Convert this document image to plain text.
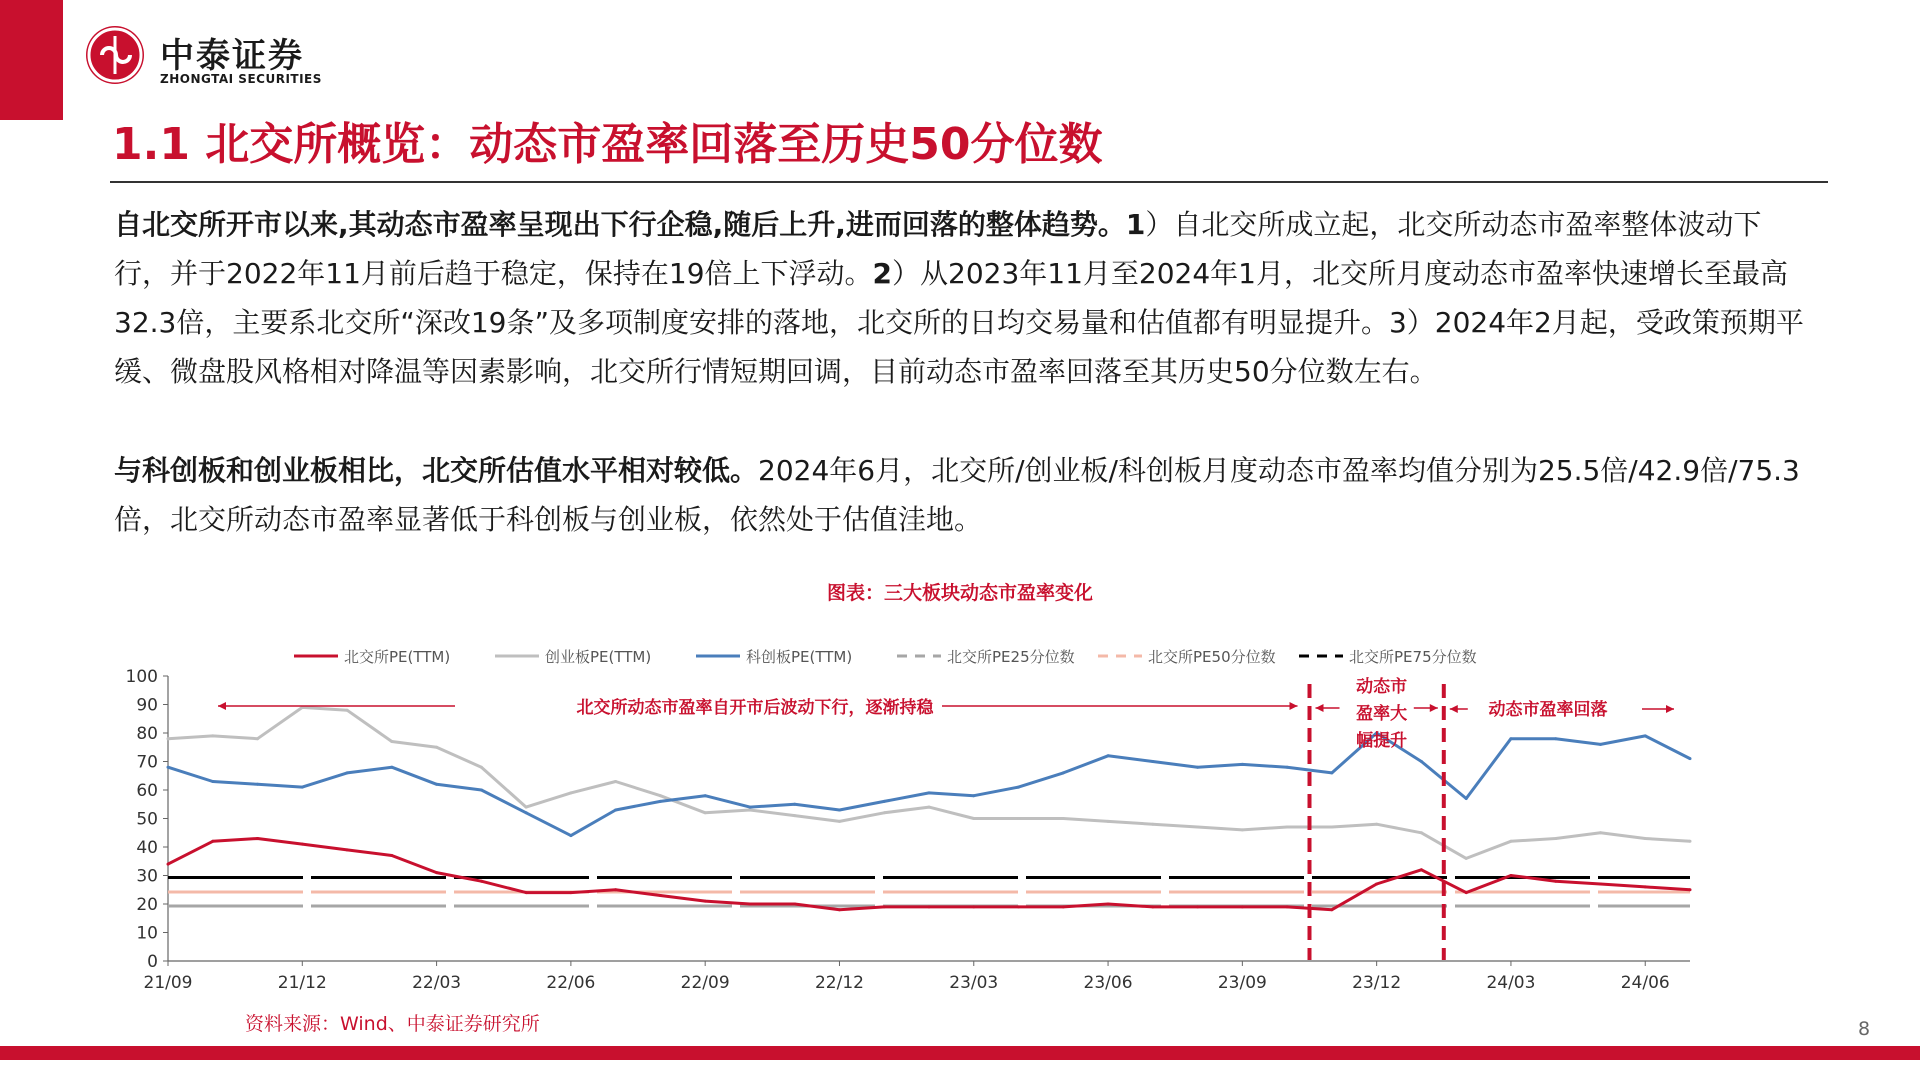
中泰证券
ZHONGTAI SECURITIES
1.1 北交所概览：动态市盈率回落至历史50分位数
自北交所开市以来,其动态市盈率呈现出下行企稳,随后上升,进而回落的整体趋势。1）自北交所成立起，北交所动态市盈率整体波动下行，并于2022年11月前后趋于稳定，保持在19倍上下浮动。2）从2023年11月至2024年1月，北交所月度动态市盈率快速增长至最高32.3倍，主要系北交所“深改19条”及多项制度安排的落地，北交所的日均交易量和估值都有明显提升。3）2024年2月起，受政策预期平缓、微盘股风格相对降温等因素影响，北交所行情短期回调，目前动态市盈率回落至其历史50分位数左右。
与科创板和创业板相比，北交所估值水平相对较低。2024年6月，北交所/创业板/科创板月度动态市盈率均值分别为25.5倍/42.9倍/75.3倍，北交所动态市盈率显著低于科创板与创业板，依然处于估值洼地。
图表：三大板块动态市盈率变化
0
10
20
30
40
50
60
70
80
90
100
21/09	21/12	22/03	22/06	22/09	22/12	23/03	23/06	23/09	23/12	24/03	24/06
北交所PE(TTM)	创业板PE(TTM)	科创板PE(TTM)	北交所PE25分位数	北交所PE50分位数	北交所PE75分位数
北交所动态市盈率自开市后波动下行，逐渐持稳
动态市
盈率大
幅提升
动态市盈率回落
资料来源：Wind、中泰证券研究所	8
